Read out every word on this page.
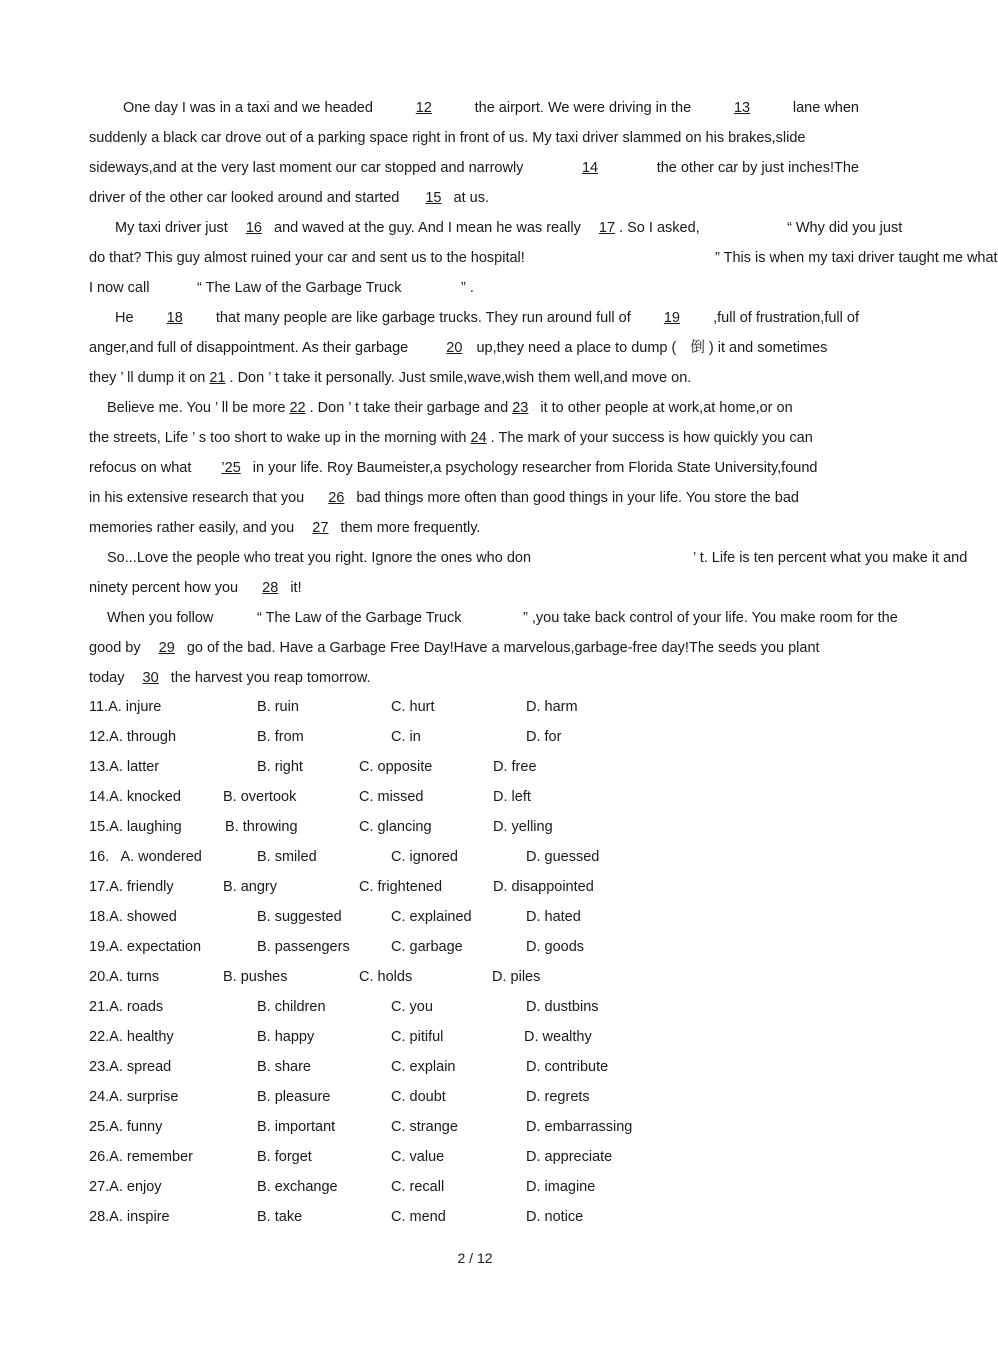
One day I was in a taxi and we headed	12	the airport. We were driving in the	13	lane when
suddenly a black car drove out of a parking space right in front of us. My taxi driver slammed on his brakes,slide
sideways,and at the very last moment our car stopped and narrowly	14	the other car by just inches!The
driver of the other car looked around and started 15 at us.
My taxi driver just 16 and waved at the guy. And I mean he was really 17 . So I asked,	“ Why did you just
do that? This guy almost ruined your car and sent us to the hospital!	” This is when my taxi driver taught me what
I now call	“ The Law of the Garbage Truck	” .
He 18 that many people are like garbage trucks. They run around full of 19 ,full of frustration,full of
anger,and full of disappointment. As their garbage	20 up,they need a place to dump ( 倒 ) it and sometimes
they ’ ll dump it on 21 . Don ’ t take it personally. Just smile,wave,wish them well,and move on.
Believe me. You ’ ll be more 22 . Don ’ t take their garbage and 23 it to other people at work,at home,or on
the streets, Life ’ s too short to wake up in the morning with 24 . The mark of your success is how quickly you can
refocus on what ’25 in your life. Roy Baumeister,a psychology researcher from Florida State University,found
in his extensive research that you 26 bad things more often than good things in your life. You store the bad
memories rather easily, and you 27 them more frequently.
So...Love the people who treat you right. Ignore the ones who don	’ t. Life is ten percent what you make it and
ninety percent how you 28 it!
When you follow	“ The Law of the Garbage Truck	” ,you take back control of your life. You make room for the
good by 29 go of the bad. Have a Garbage Free Day!Have a marvelous,garbage-free day!The seeds you plant
today 30 the harvest you reap tomorrow.
11.A. injure	B. ruin	C. hurt	D. harm
12.A. through	B. from	C. in	D. for
13.A. latter	B. right	C. opposite	D. free
14.A. knocked	B. overtook	C. missed	D. left
15.A. laughing	B. throwing	C. glancing	D. yelling
16.   A. wondered	B. smiled	C. ignored	D. guessed
17.A. friendly	B. angry	C. frightened	D. disappointed
18.A. showed	B. suggested	C. explained	D. hated
19.A. expectation	B. passengers	C. garbage	D. goods
20.A. turns	B. pushes	C. holds	D. piles
21.A. roads	B. children	C. you	D. dustbins
22.A. healthy	B. happy	C. pitiful	D. wealthy
23.A. spread	B. share	C. explain	D. contribute
24.A. surprise	B. pleasure	C. doubt	D. regrets
25.A. funny	B. important	C. strange	D. embarrassing
26.A. remember	B. forget	C. value	D. appreciate
27.A. enjoy	B. exchange	C. recall	D. imagine
28.A. inspire	B. take	C. mend	D. notice
2 / 12
